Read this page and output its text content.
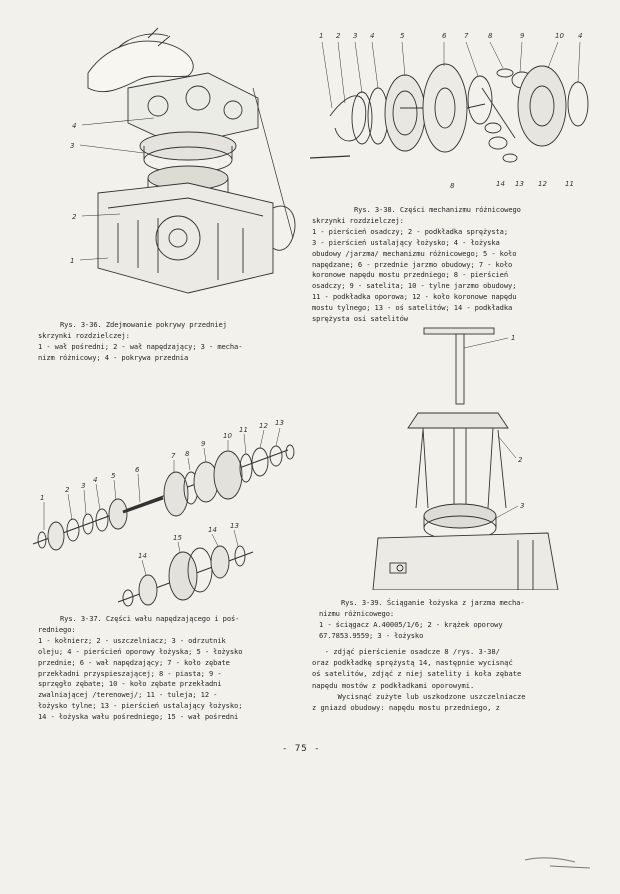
4
3
2
1
Rys. 3-36. Zdejmowanie pokrywy przedniej
skrzynki rozdzielczej:
1 - wał pośredni; 2 - wał napędzający; 3 - mecha-
nizm różnicowy; 4 - pokrywa przednia
1 2 3 4	5	6	7	8	9	10 4
8	14 13 12	11
Rys. 3-38. Części mechanizmu różnicowego
skrzynki rozdzielczej:
1 - pierścień osadczy; 2 - podkładka sprężysta;
3 - pierścień ustalający łożysko; 4 - łożyska
obudowy /jarzma/ mechanizmu różnicowego; 5 - koło
napędzane; 6 - przednie jarzmo obudowy; 7 - koło
koronowe napędu mostu przedniego; 8 - pierścień
osadczy; 9 - satelita; 10 - tylne jarzmo obudowy;
11 - podkładka oporowa; 12 - koło koronowe napędu
mostu tylnego; 13 - oś satelitów; 14 - podkładka
sprężysta osi satelitów
1
2 3
4 5
6
7 8
9
10
11 12 13
14
15
14 13
Rys. 3-37. Części wału napędzającego i poś-
redniego:
1 - kołnierz; 2 - uszczelniacz; 3 - odrzutnik
oleju; 4 - pierścień oporowy łożyska; 5 - łożysko
przednie; 6 - wał napędzający; 7 - koło zębate
przekładni przyspieszającej; 8 - piasta; 9 -
sprzęgło zębate; 10 - koło zębate przekładni
zwalniającej /terenowej/; 11 - tuleja; 12 -
łożysko tylne; 13 - pierścień ustalający łożysko;
14 - łożyska wału pośredniego; 15 - wał pośredni
1
2
3
Rys. 3-39. Ściąganie łożyska z jarzma mecha-
nizmu różnicowego:
1 - ściągacz A.40005/1/6; 2 - krążek oporowy
67.7853.9559; 3 - łożysko
- zdjąć pierścienie osadcze 8 /rys. 3-38/
oraz podkładkę sprężystą 14, następnie wycisnąć
oś satelitów, zdjąć z niej satelity i koła zębate
napędu mostów z podkładkami oporowymi.
Wycisnąć zużyte lub uszkodzone uszczelniacze
z gniazd obudowy: napędu mostu przedniego, z
- 75 -
